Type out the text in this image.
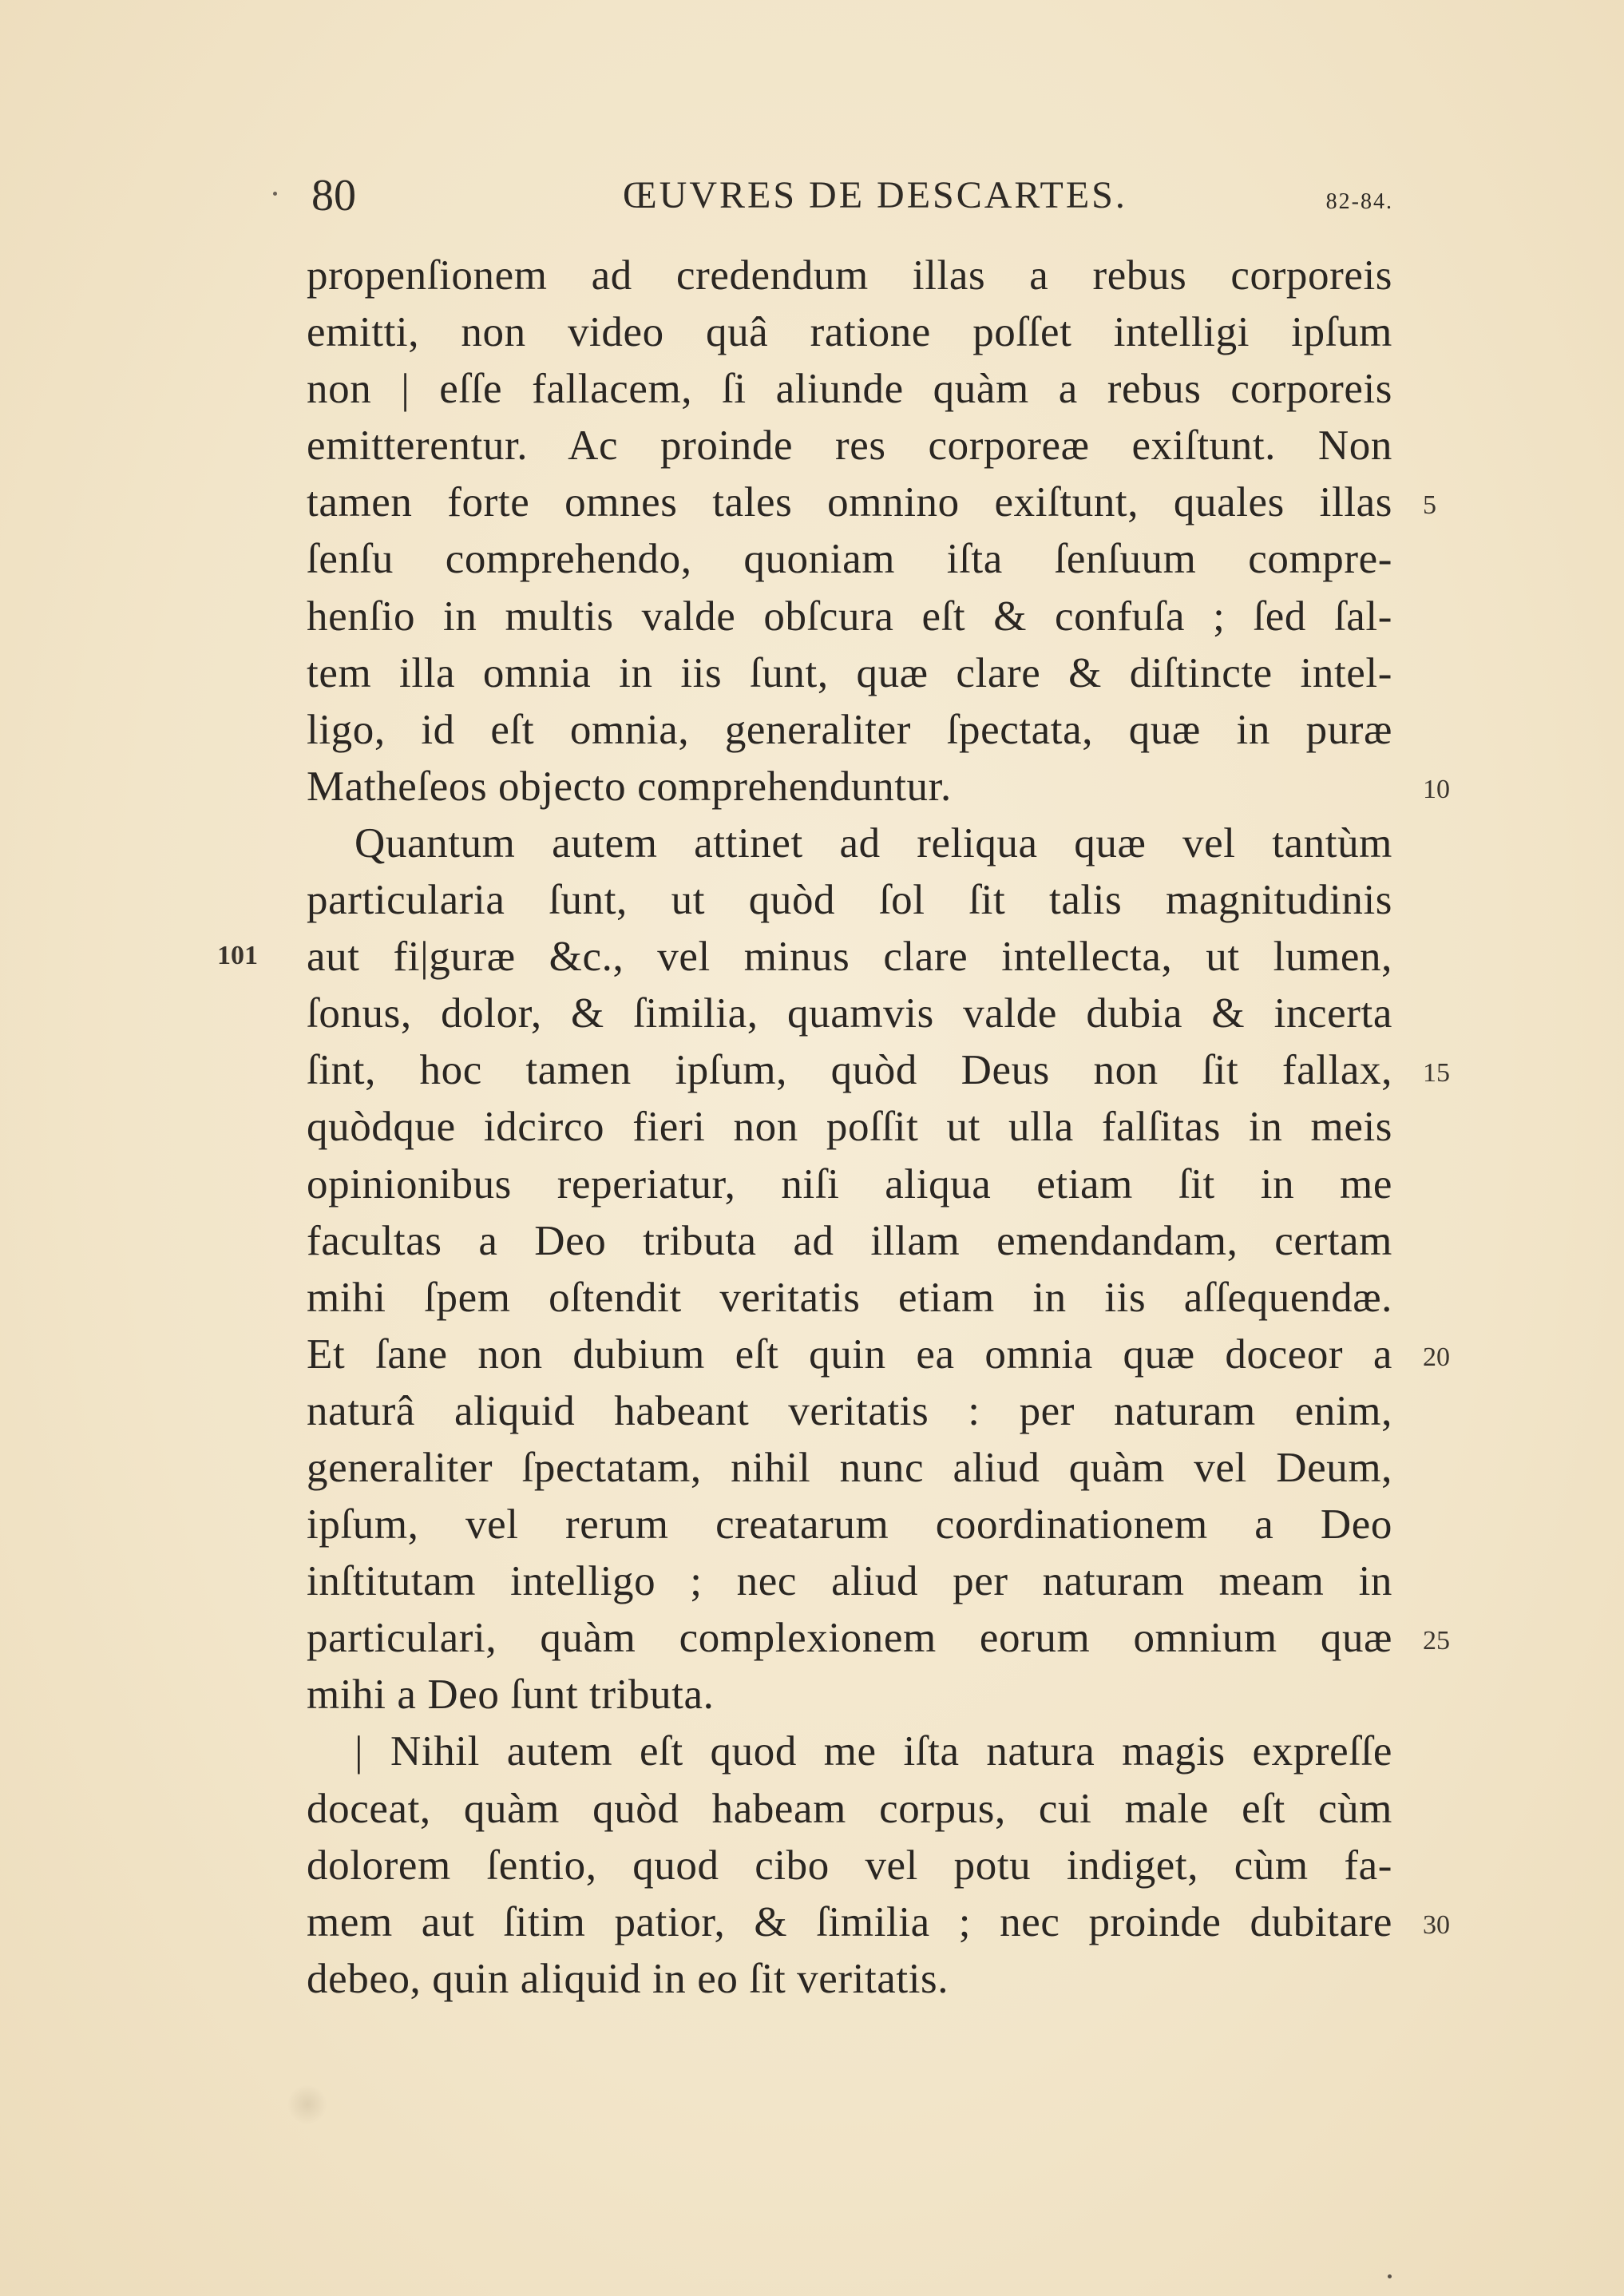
80	ŒUVRES DE DESCARTES.	82-84.
propenſionem ad credendum illas a rebus corporeis
emitti, non video quâ ratione poſſet intelligi ipſum
non | eſſe fallacem, ſi aliunde quàm a rebus corporeis
emitterentur. Ac proinde res corporeæ exiſtunt. Non
tamen forte omnes tales omnino exiſtunt, quales illas
ſenſu comprehendo, quoniam iſta ſenſuum compre-
henſio in multis valde obſcura eſt & confuſa ; ſed ſal-
tem illa omnia in iis ſunt, quæ clare & diſtincte intel-
ligo, id eſt omnia, generaliter ſpectata, quæ in puræ
Matheſeos objecto comprehenduntur.
Quantum autem attinet ad reliqua quæ vel tantùm
particularia ſunt, ut quòd ſol ſit talis magnitudinis
aut fi|guræ &c., vel minus clare intellecta, ut lumen,
ſonus, dolor, & ſimilia, quamvis valde dubia & incerta
ſint, hoc tamen ipſum, quòd Deus non ſit fallax,
quòdque idcirco fieri non poſſit ut ulla falſitas in meis
opinionibus reperiatur, niſi aliqua etiam ſit in me
facultas a Deo tributa ad illam emendandam, certam
mihi ſpem oſtendit veritatis etiam in iis aſſequendæ.
Et ſane non dubium eſt quin ea omnia quæ doceor a
naturâ aliquid habeant veritatis : per naturam enim,
generaliter ſpectatam, nihil nunc aliud quàm vel Deum,
ipſum, vel rerum creatarum coordinationem a Deo
inſtitutam intelligo ; nec aliud per naturam meam in
particulari, quàm complexionem eorum omnium quæ
mihi a Deo ſunt tributa.
| Nihil autem eſt quod me iſta natura magis expreſſe
doceat, quàm quòd habeam corpus, cui male eſt cùm
dolorem ſentio, quod cibo vel potu indiget, cùm fa-
mem aut ſitim patior, & ſimilia ; nec proinde dubitare
debeo, quin aliquid in eo ſit veritatis.
101
5
10
15
20
25
30
